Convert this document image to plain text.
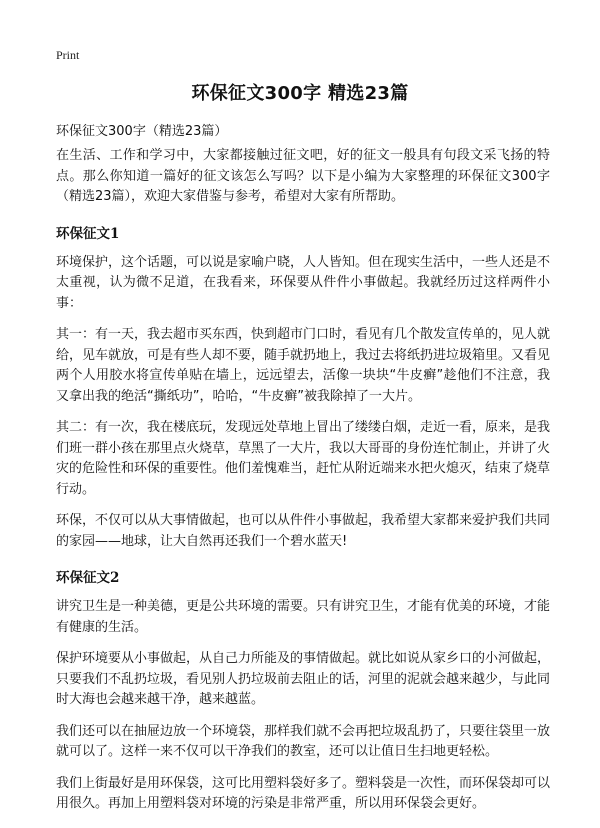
Print
环保征文300字 精选23篇

环保征文300字（精选23篇）

在生活、工作和学习中，大家都接触过征文吧，好的征文一般具有句段文采飞扬的特点。那么你知道一篇好的征文该怎么写吗？以下是小编为大家整理的环保征文300字（精选23篇），欢迎大家借鉴与参考，希望对大家有所帮助。

环保征文1

环境保护，这个话题，可以说是家喻户晓，人人皆知。但在现实生活中，一些人还是不太重视，认为微不足道，在我看来，环保要从件件小事做起。我就经历过这样两件小事：

其一：有一天，我去超市买东西，快到超市门口时，看见有几个散发宣传单的，见人就给，见车就放，可是有些人却不要，随手就扔地上，我过去将纸扔进垃圾箱里。又看见两个人用胶水将宣传单贴在墙上，远远望去，活像一块块“牛皮癣”趁他们不注意，我又拿出我的绝活“撕纸功”，哈哈，“牛皮癣”被我除掉了一大片。

其二：有一次，我在楼底玩，发现远处草地上冒出了缕缕白烟，走近一看，原来，是我们班一群小孩在那里点火烧草，草黑了一大片，我以大哥哥的身份连忙制止，并讲了火灾的危险性和环保的重要性。他们羞愧难当，赶忙从附近端来水把火熄灭，结束了烧草行动。

环保，不仅可以从大事情做起，也可以从件件小事做起，我希望大家都来爱护我们共同的家园——地球，让大自然再还我们一个碧水蓝天!

环保征文2

讲究卫生是一种美德，更是公共环境的需要。只有讲究卫生，才能有优美的环境，才能有健康的生活。

保护环境要从小事做起，从自己力所能及的事情做起。就比如说从家乡口的小河做起，只要我们不乱扔垃圾，看见别人扔垃圾前去阻止的话，河里的泥就会越来越少，与此同时大海也会越来越干净，越来越蓝。

我们还可以在抽屉边放一个环境袋，那样我们就不会再把垃圾乱扔了，只要往袋里一放就可以了。这样一来不仅可以干净我们的教室，还可以让值日生扫地更轻松。

我们上街最好是用环保袋，这可比用塑料袋好多了。塑料袋是一次性，而环保袋却可以用很久。再加上用塑料袋对环境的污染是非常严重，所以用环保袋会更好。
